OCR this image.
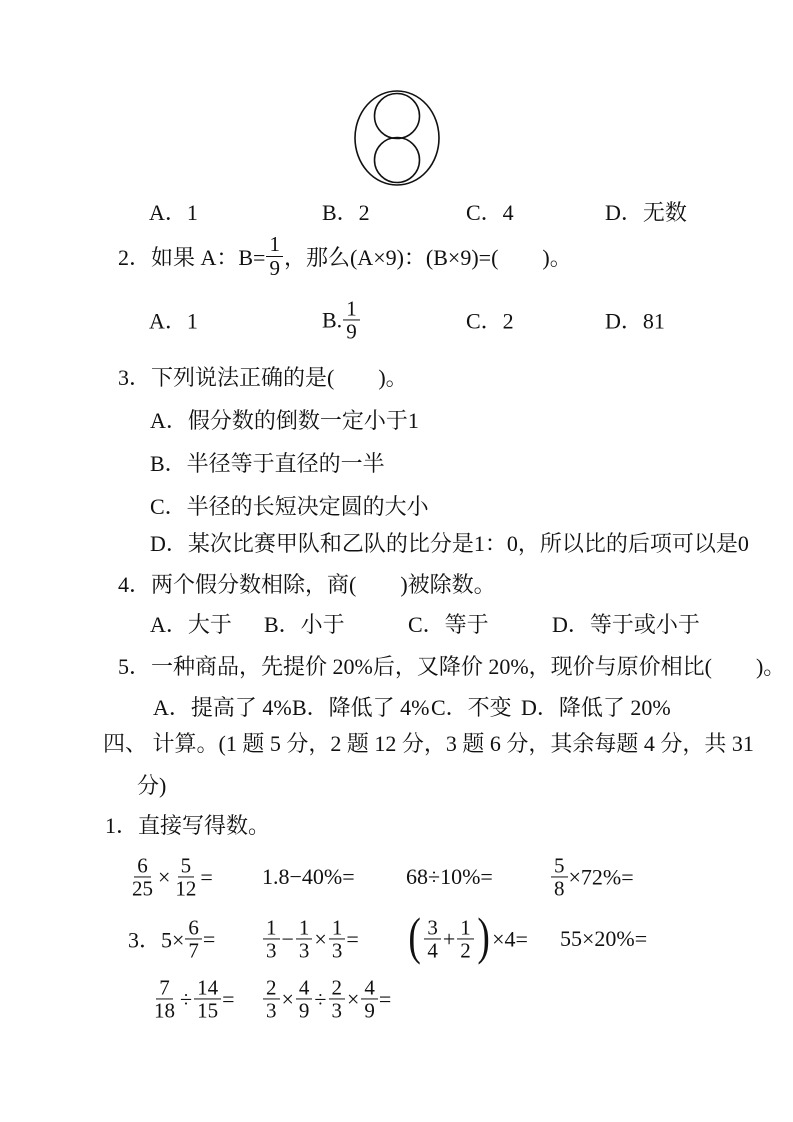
A．1	B．2	C．4	D．无数
2．如果 A：$B= \frac{1}{9}$ ，那么(A×9)：(B×9)=(　　)。
A．1	B. $\frac{1}{9}$	C．2	D．81
3．下列说法正确的是(　　)。
A．假分数的倒数一定小于1
B．半径等于直径的一半
C．半径的长短决定圆的大小
D．某次比赛甲队和乙队的比分是1：0，所以比的后项可以是0
4．两个假分数相除，商(　　)被除数。
A．大于 B．小于	C．等于	D．等于或小于
5．一种商品，先提价 20%后，又降价 20%，现价与原价相比(　　)。
A．提高了 4% B．降低了 4% C．不变 D．降低了 20%
四、 计算。(1 题 5 分，2 题 12 分，3 题 6 分，其余每题 4 分，共 31
分)
1．直接写得数。
$\frac{6}{25} \times \frac{5}{12} = 1.8-40\%= 68\div 10\%=$	$\frac{5}{8} \times 72\%=$
3．$5\times \frac{6}{7} = \frac{1}{3} - \frac{1}{3} \times \frac{1}{3}$ = ( $\frac{3}{4} + \frac{1}{2}$ ) ×4= 55×20%=
$\frac{7}{18} \div \frac{14}{15} = \frac{2}{3} \times \frac{4}{9} \div \frac{2}{3} \times \frac{4}{9}$ =
